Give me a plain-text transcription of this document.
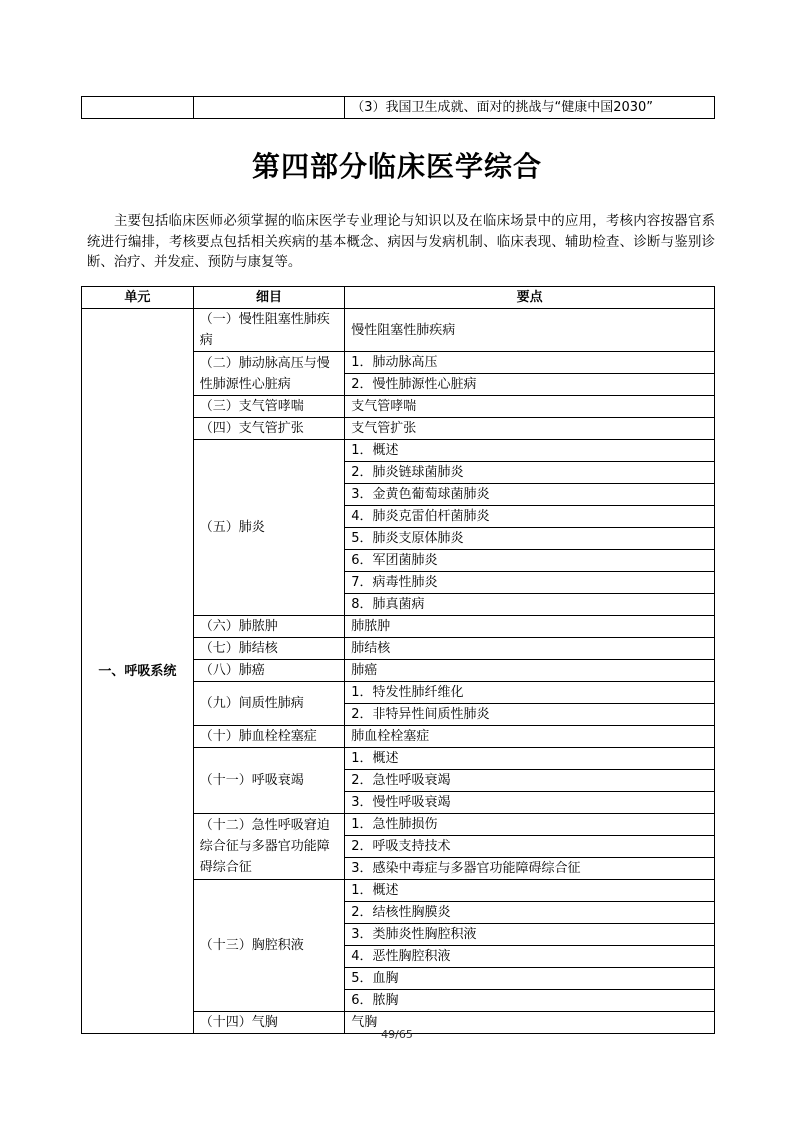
		（3）我国卫生成就、面对的挑战与“健康中国2030”
第四部分临床医学综合

主要包括临床医师必须掌握的临床医学专业理论与知识以及在临床场景中的应用，考核内容按器官系统进行编排，考核要点包括相关疾病的基本概念、病因与发病机制、临床表现、辅助检查、诊断与鉴别诊断、治疗、并发症、预防与康复等。

单元	细目	要点
一、呼吸系统	（一）慢性阻塞性肺疾病	慢性阻塞性肺疾病
	（二）肺动脉高压与慢性肺源性心脏病	1．肺动脉高压
		2．慢性肺源性心脏病
	（三）支气管哮喘	支气管哮喘
	（四）支气管扩张	支气管扩张
	（五）肺炎	1．概述
		2．肺炎链球菌肺炎
		3．金黄色葡萄球菌肺炎
		4．肺炎克雷伯杆菌肺炎
		5．肺炎支原体肺炎
		6．军团菌肺炎
		7．病毒性肺炎
		8．肺真菌病
	（六）肺脓肿	肺脓肿
	（七）肺结核	肺结核
	（八）肺癌	肺癌
	（九）间质性肺病	1．特发性肺纤维化
		2．非特异性间质性肺炎
	（十）肺血栓栓塞症	肺血栓栓塞症
	（十一）呼吸衰竭	1．概述
		2．急性呼吸衰竭
		3．慢性呼吸衰竭
	（十二）急性呼吸窘迫综合征与多器官功能障碍综合征	1．急性肺损伤
		2．呼吸支持技术
		3．感染中毒症与多器官功能障碍综合征
	（十三）胸腔积液	1．概述
		2．结核性胸膜炎
		3．类肺炎性胸腔积液
		4．恶性胸腔积液
		5．血胸
		6．脓胸
	（十四）气胸	气胸
49/65
